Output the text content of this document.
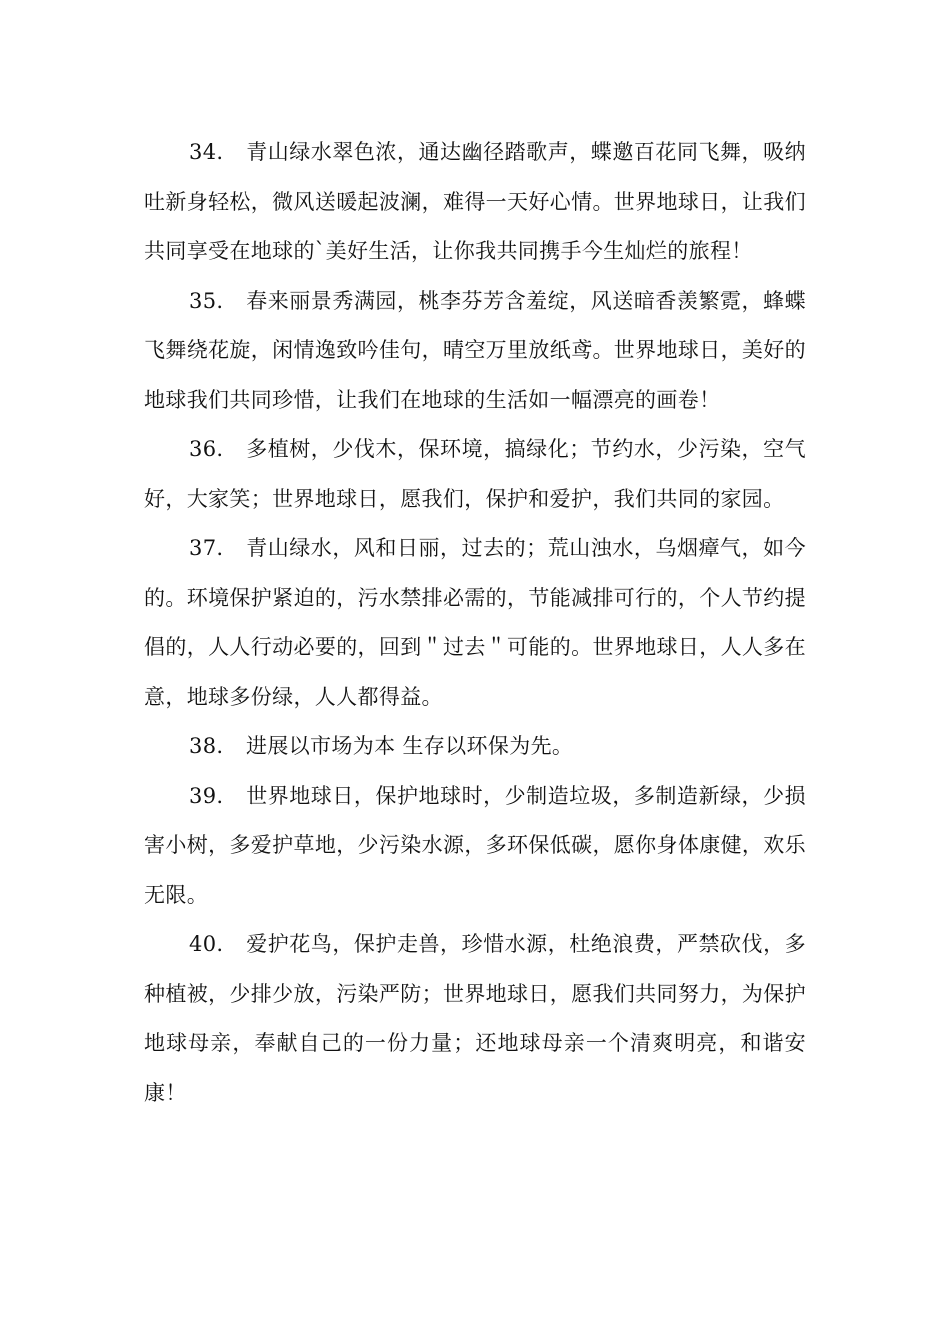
34. 青山绿水翠色浓，通达幽径踏歌声，蝶邀百花同飞舞，吸纳吐新身轻松，微风送暖起波澜，难得一天好心情。世界地球日，让我们共同享受在地球的`美好生活，让你我共同携手今生灿烂的旅程！

35. 春来丽景秀满园，桃李芬芳含羞绽，风送暗香羡繁霓，蜂蝶飞舞绕花旋，闲情逸致吟佳句，晴空万里放纸鸢。世界地球日，美好的地球我们共同珍惜，让我们在地球的生活如一幅漂亮的画卷！

36. 多植树，少伐木，保环境，搞绿化；节约水，少污染，空气好，大家笑；世界地球日，愿我们，保护和爱护，我们共同的家园。

37. 青山绿水，风和日丽，过去的；荒山浊水，乌烟瘴气，如今的。环境保护紧迫的，污水禁排必需的，节能减排可行的，个人节约提倡的，人人行动必要的，回到＂过去＂可能的。世界地球日，人人多在意，地球多份绿，人人都得益。

38. 进展以市场为本 生存以环保为先。

39. 世界地球日，保护地球时，少制造垃圾，多制造新绿，少损害小树，多爱护草地，少污染水源，多环保低碳，愿你身体康健，欢乐无限。

40. 爱护花鸟，保护走兽，珍惜水源，杜绝浪费，严禁砍伐，多种植被，少排少放，污染严防；世界地球日，愿我们共同努力，为保护地球母亲，奉献自己的一份力量；还地球母亲一个清爽明亮，和谐安康！
